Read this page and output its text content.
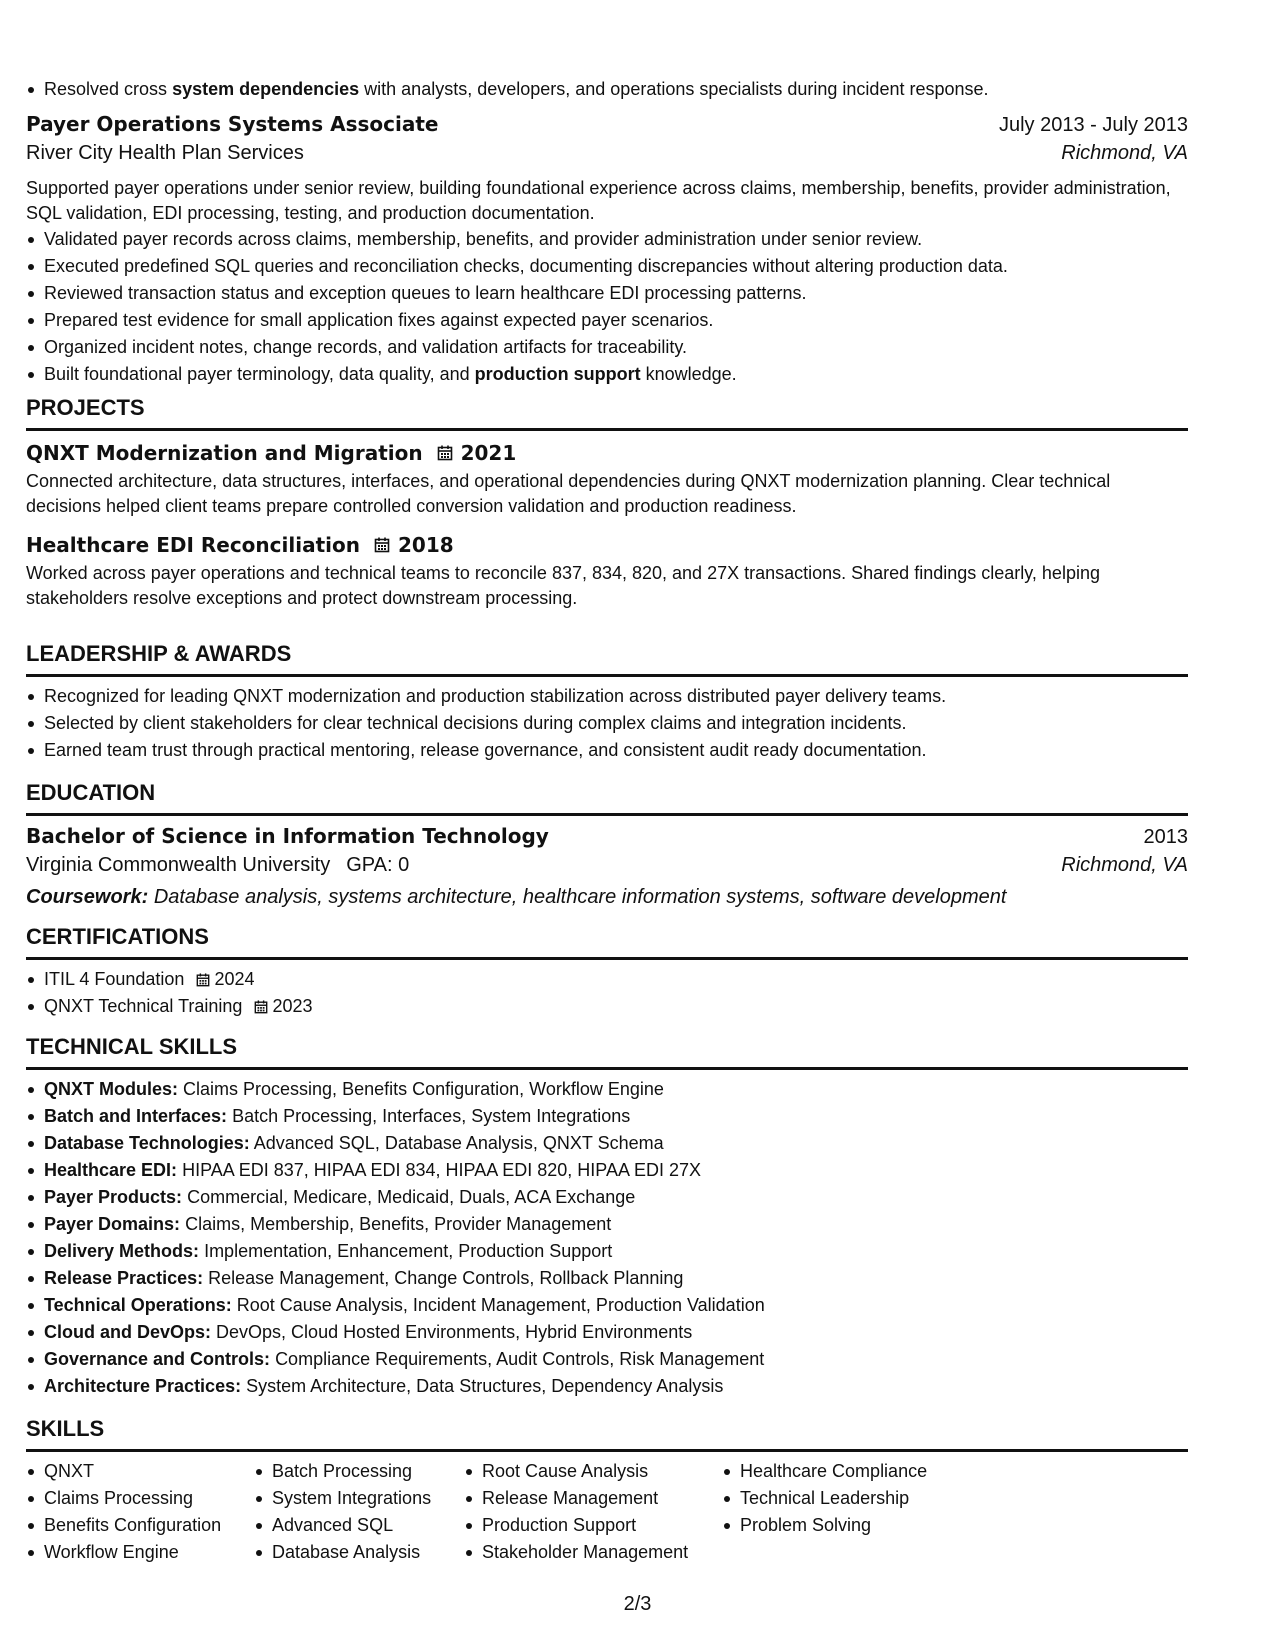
Resolved cross system dependencies with analysts, developers, and operations specialists during incident response.
Payer Operations Systems Associate	July 2013 - July 2013
River City Health Plan Services	Richmond, VA
Supported payer operations under senior review, building foundational experience across claims, membership, benefits, provider administration, SQL validation, EDI processing, testing, and production documentation.
Validated payer records across claims, membership, benefits, and provider administration under senior review.
Executed predefined SQL queries and reconciliation checks, documenting discrepancies without altering production data.
Reviewed transaction status and exception queues to learn healthcare EDI processing patterns.
Prepared test evidence for small application fixes against expected payer scenarios.
Organized incident notes, change records, and validation artifacts for traceability.
Built foundational payer terminology, data quality, and production support knowledge.
PROJECTS
QNXT Modernization and Migration 2021
Connected architecture, data structures, interfaces, and operational dependencies during QNXT modernization planning. Clear technical decisions helped client teams prepare controlled conversion validation and production readiness.
Healthcare EDI Reconciliation 2018
Worked across payer operations and technical teams to reconcile 837, 834, 820, and 27X transactions. Shared findings clearly, helping stakeholders resolve exceptions and protect downstream processing.
LEADERSHIP & AWARDS
Recognized for leading QNXT modernization and production stabilization across distributed payer delivery teams.
Selected by client stakeholders for clear technical decisions during complex claims and integration incidents.
Earned team trust through practical mentoring, release governance, and consistent audit ready documentation.
EDUCATION
Bachelor of Science in Information Technology	2013
Virginia Commonwealth University GPA: 0	Richmond, VA
Coursework: Database analysis, systems architecture, healthcare information systems, software development
CERTIFICATIONS
ITIL 4 Foundation 2024
QNXT Technical Training 2023
TECHNICAL SKILLS
QNXT Modules: Claims Processing, Benefits Configuration, Workflow Engine
Batch and Interfaces: Batch Processing, Interfaces, System Integrations
Database Technologies: Advanced SQL, Database Analysis, QNXT Schema
Healthcare EDI: HIPAA EDI 837, HIPAA EDI 834, HIPAA EDI 820, HIPAA EDI 27X
Payer Products: Commercial, Medicare, Medicaid, Duals, ACA Exchange
Payer Domains: Claims, Membership, Benefits, Provider Management
Delivery Methods: Implementation, Enhancement, Production Support
Release Practices: Release Management, Change Controls, Rollback Planning
Technical Operations: Root Cause Analysis, Incident Management, Production Validation
Cloud and DevOps: DevOps, Cloud Hosted Environments, Hybrid Environments
Governance and Controls: Compliance Requirements, Audit Controls, Risk Management
Architecture Practices: System Architecture, Data Structures, Dependency Analysis
SKILLS
QNXT
Claims Processing
Benefits Configuration
Workflow Engine
Batch Processing
System Integrations
Advanced SQL
Database Analysis
Root Cause Analysis
Release Management
Production Support
Stakeholder Management
Healthcare Compliance
Technical Leadership
Problem Solving
2/3
